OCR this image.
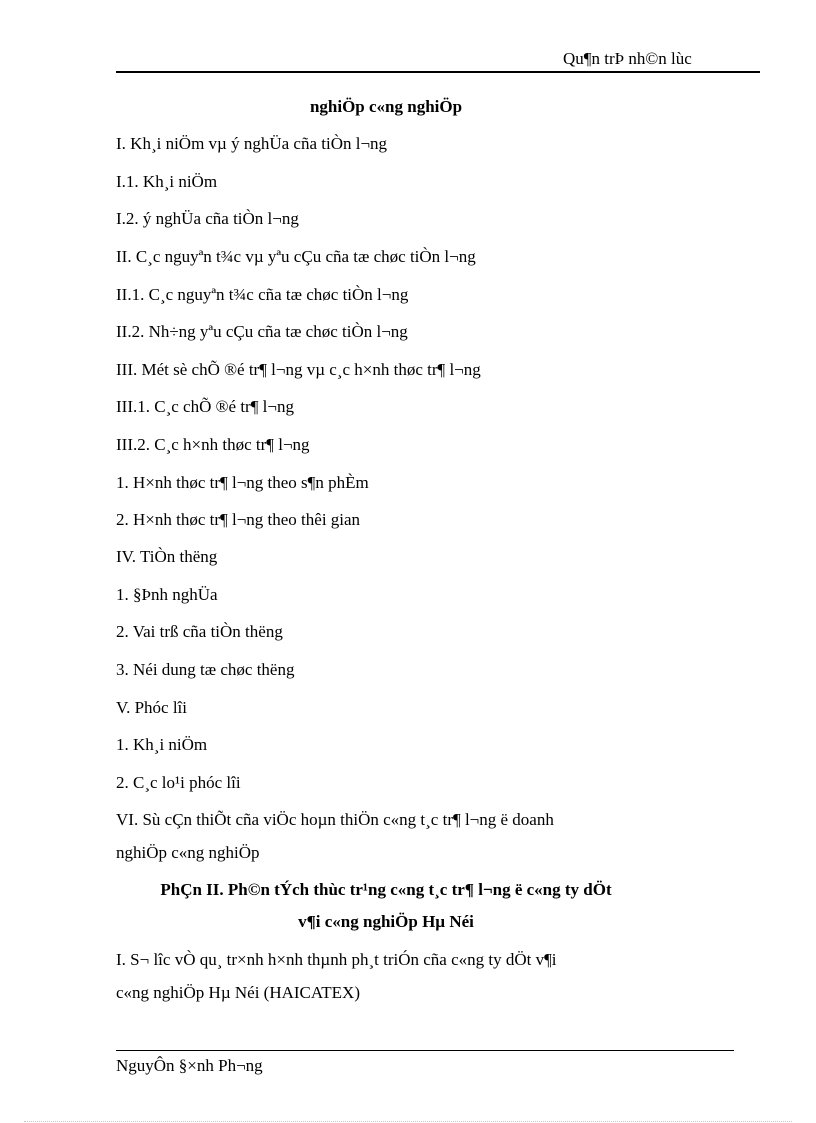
Qu¶n trÞ nh©n lùc
nghiÖp c«ng nghiÖp
I. Kh¸i niÖm vµ ý nghÜa cña tiÒn l¬ng
I.1. Kh¸i niÖm
I.2. ý nghÜa cña tiÒn l¬ng
II. C¸c nguyªn t¾c vµ yªu cÇu cña tæ chøc tiÒn l¬ng
II.1. C¸c nguyªn t¾c cña tæ chøc tiÒn l¬ng
II.2. Nh÷ng yªu cÇu cña tæ chøc tiÒn l¬ng
III. Mét sè chÕ ®é tr¶ l¬ng vµ c¸c h×nh thøc tr¶ l¬ng
III.1. C¸c chÕ ®é tr¶ l¬ng
III.2. C¸c h×nh thøc tr¶ l¬ng
1. H×nh thøc tr¶ l¬ng theo s¶n phÈm
2. H×nh thøc tr¶ l¬ng theo thêi gian
IV. TiÒn thëng
1. §Þnh nghÜa
2. Vai trß cña tiÒn thëng
3. Néi dung tæ chøc thëng
V. Phóc lîi
1. Kh¸i niÖm
2. C¸c lo¹i phóc lîi
VI. Sù cÇn thiÕt cña viÖc hoµn thiÖn c«ng t¸c tr¶ l¬ng ë doanh
nghiÖp c«ng nghiÖp
PhÇn II. Ph©n tÝch thùc tr¹ng c«ng t¸c tr¶ l¬ng ë c«ng ty dÖt
v¶i c«ng nghiÖp Hµ Néi
I. S¬ lîc vÒ qu¸ tr×nh h×nh thµnh ph¸t triÓn cña c«ng ty dÖt v¶i
c«ng nghiÖp Hµ Néi (HAICATEX)
NguyÔn §×nh Ph¬ng
